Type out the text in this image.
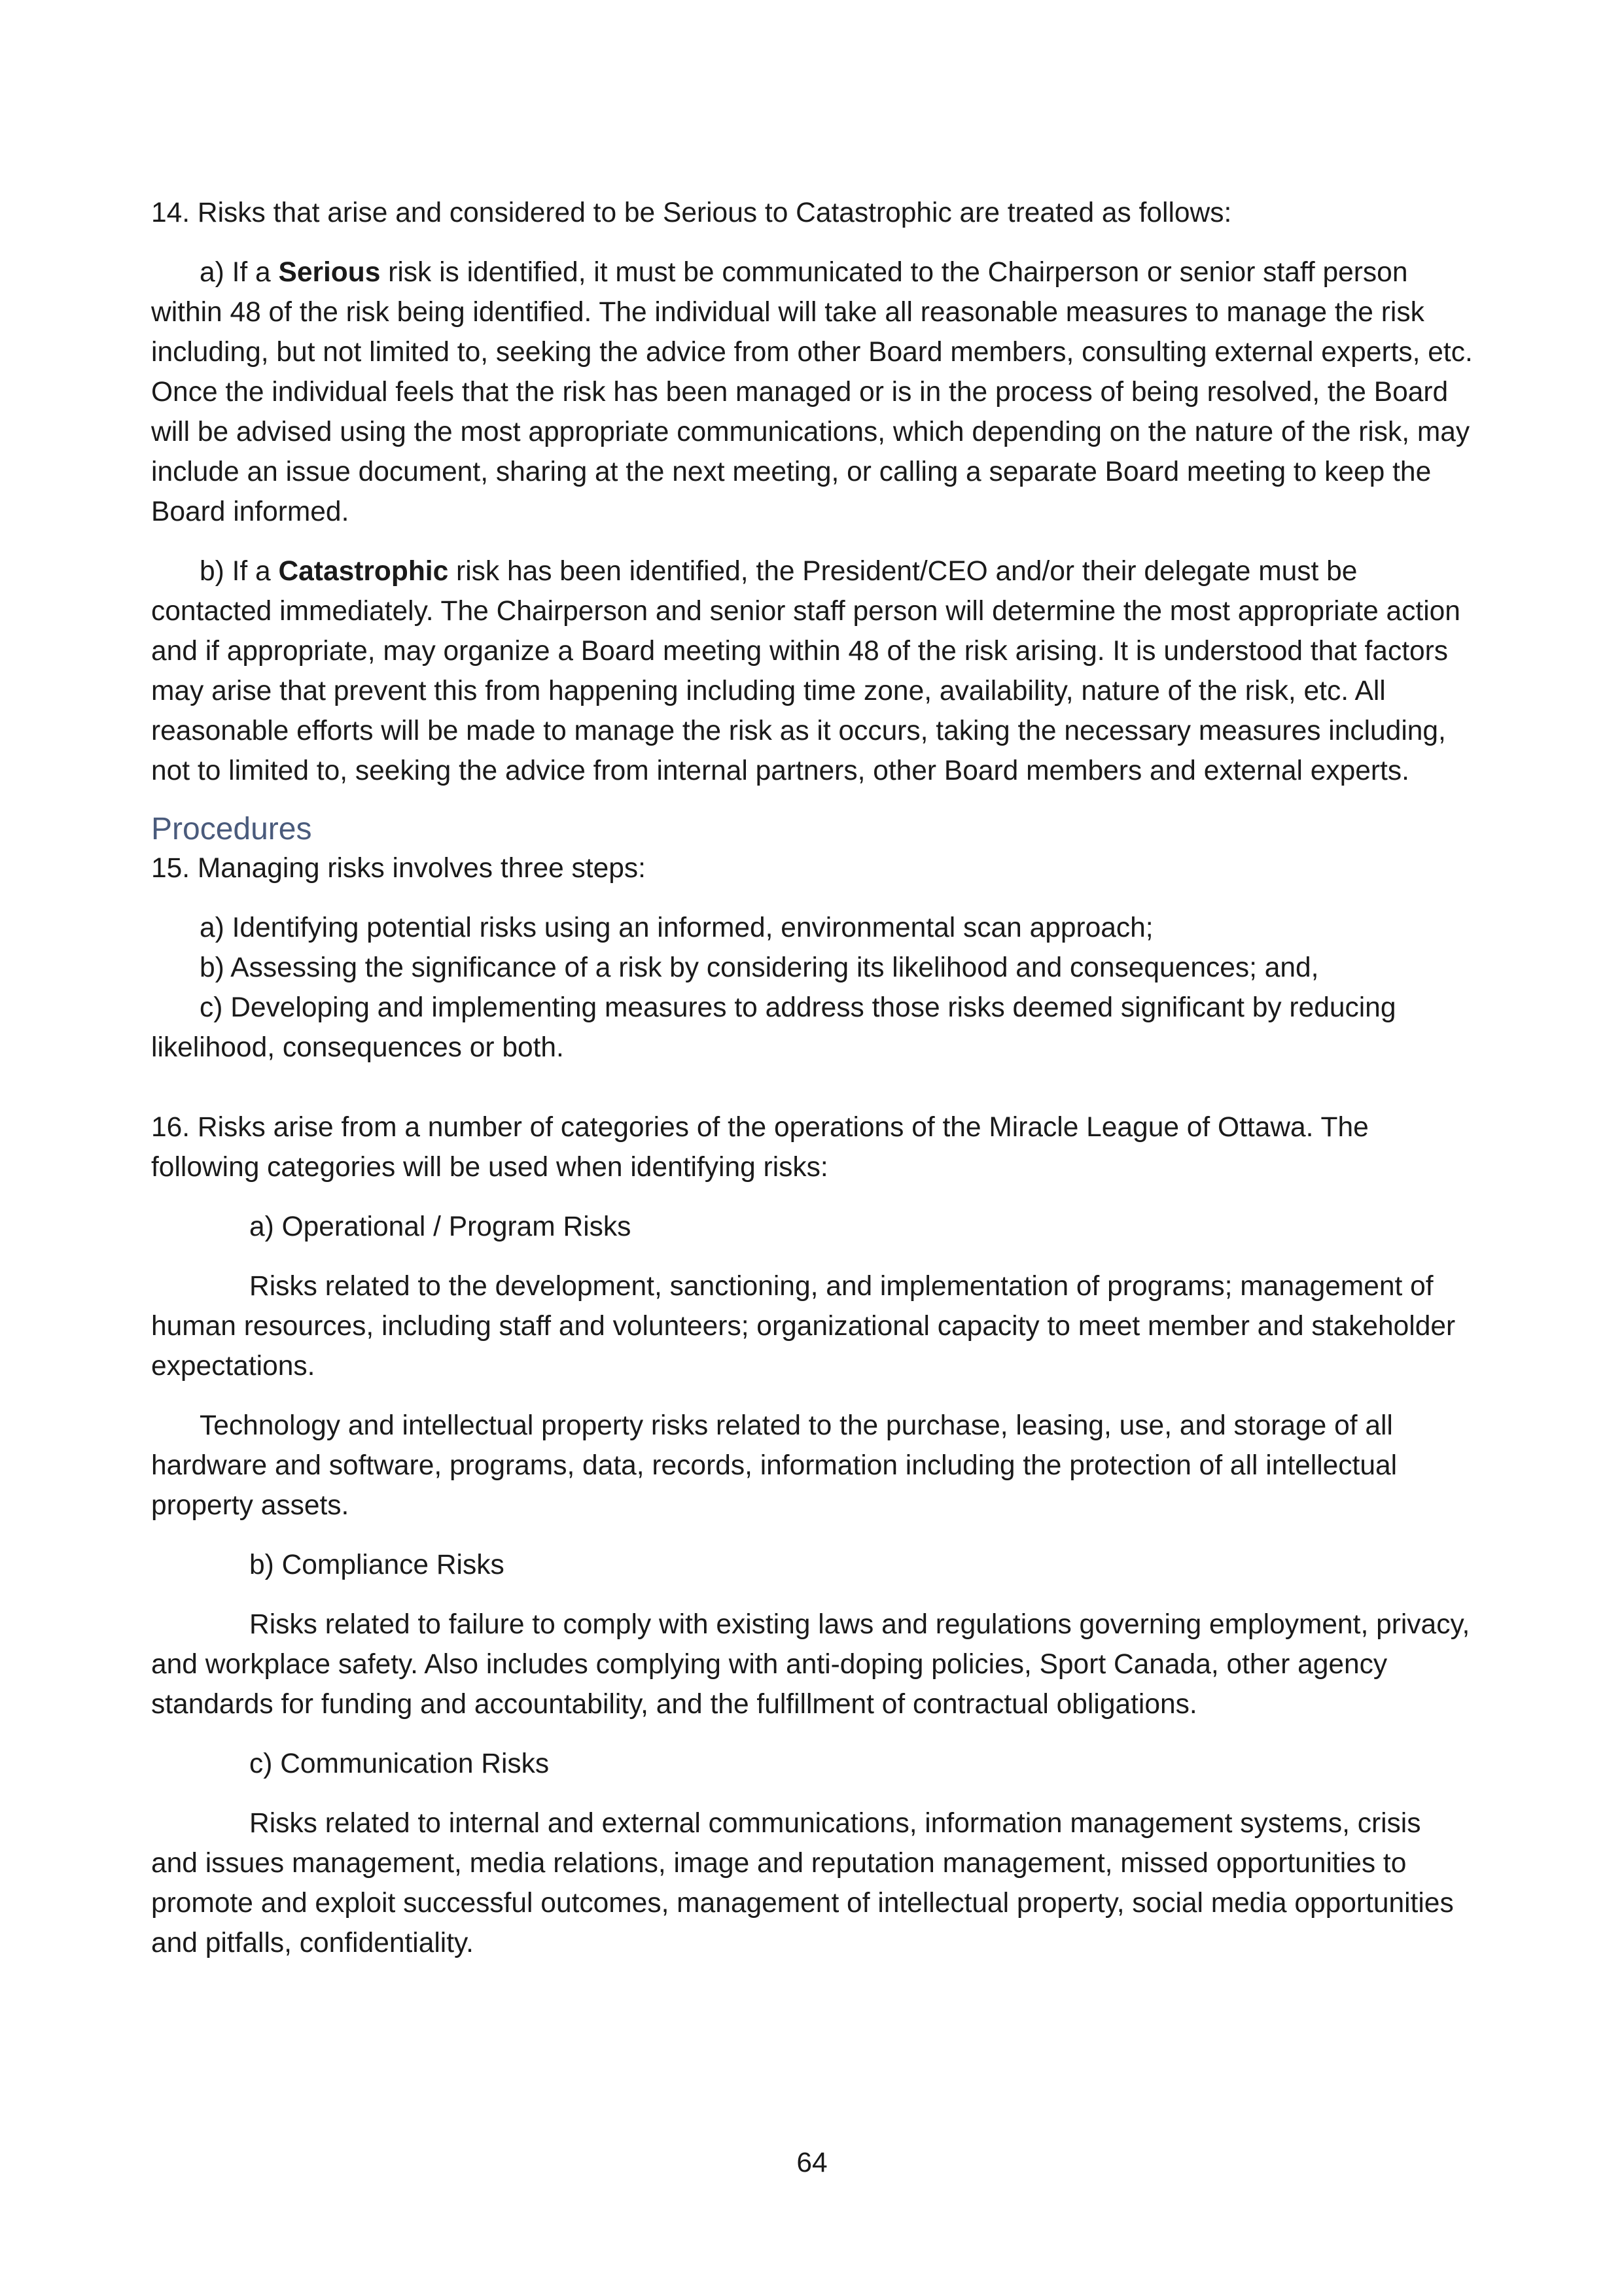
14. Risks that arise and considered to be Serious to Catastrophic are treated as follows:

a) If a Serious risk is identified, it must be communicated to the Chairperson or senior staff person within 48 of the risk being identified. The individual will take all reasonable measures to manage the risk including, but not limited to, seeking the advice from other Board members, consulting external experts, etc. Once the individual feels that the risk has been managed or is in the process of being resolved, the Board will be advised using the most appropriate communications, which depending on the nature of the risk, may include an issue document, sharing at the next meeting, or calling a separate Board meeting to keep the Board informed.

b) If a Catastrophic risk has been identified, the President/CEO and/or their delegate must be contacted immediately. The Chairperson and senior staff person will determine the most appropriate action and if appropriate, may organize a Board meeting within 48 of the risk arising. It is understood that factors may arise that prevent this from happening including time zone, availability, nature of the risk, etc. All reasonable efforts will be made to manage the risk as it occurs, taking the necessary measures including, not to limited to, seeking the advice from internal partners, other Board members and external experts.

Procedures

15. Managing risks involves three steps:

a) Identifying potential risks using an informed, environmental scan approach;

b) Assessing the significance of a risk by considering its likelihood and consequences; and,

c) Developing and implementing measures to address those risks deemed significant by reducing likelihood, consequences or both.

16. Risks arise from a number of categories of the operations of the Miracle League of Ottawa. The following categories will be used when identifying risks:

a) Operational / Program Risks

Risks related to the development, sanctioning, and implementation of programs; management of human resources, including staff and volunteers; organizational capacity to meet member and stakeholder expectations.

Technology and intellectual property risks related to the purchase, leasing, use, and storage of all hardware and software, programs, data, records, information including the protection of all intellectual property assets.

b) Compliance Risks

Risks related to failure to comply with existing laws and regulations governing employment, privacy, and workplace safety. Also includes complying with anti-doping policies, Sport Canada, other agency standards for funding and accountability, and the fulfillment of contractual obligations.

c) Communication Risks

Risks related to internal and external communications, information management systems, crisis and issues management, media relations, image and reputation management, missed opportunities to promote and exploit successful outcomes, management of intellectual property, social media opportunities and pitfalls, confidentiality.

64
